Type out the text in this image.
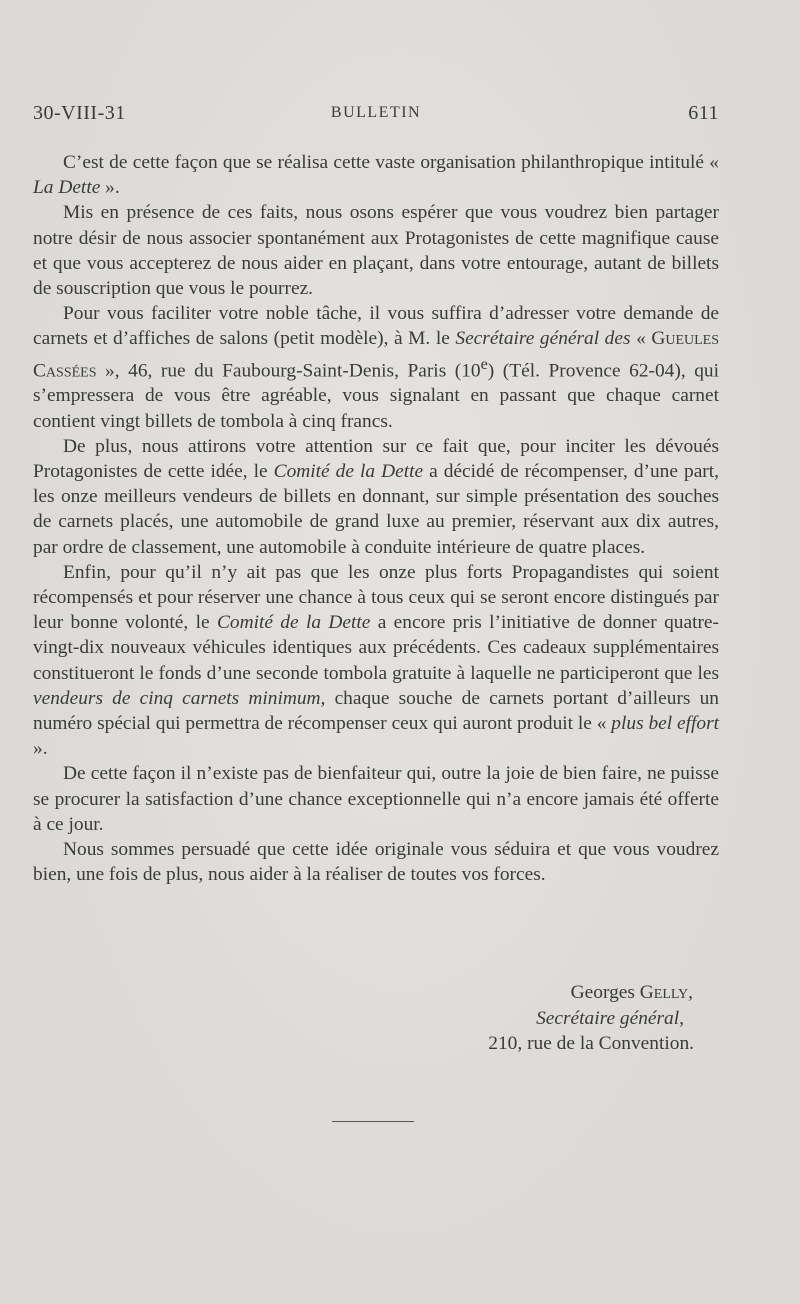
30-VIII-31	BULLETIN	611

C’est de cette façon que se réalisa cette vaste organisation philanthropique intitulé « La Dette ».

Mis en présence de ces faits, nous osons espérer que vous voudrez bien partager notre désir de nous associer spontanément aux Protagonistes de cette magnifique cause et que vous accepterez de nous aider en plaçant, dans votre entourage, autant de billets de souscription que vous le pourrez.

Pour vous faciliter votre noble tâche, il vous suffira d’adresser votre demande de carnets et d’affiches de salons (petit modèle), à M. le Secrétaire général des « Gueules Cassées », 46, rue du Faubourg-Saint-Denis, Paris (10e) (Tél. Provence 62-04), qui s’empressera de vous être agréable, vous signalant en passant que chaque carnet contient vingt billets de tombola à cinq francs.

De plus, nous attirons votre attention sur ce fait que, pour inciter les dévoués Protagonistes de cette idée, le Comité de la Dette a décidé de récompenser, d’une part, les onze meilleurs vendeurs de billets en donnant, sur simple présentation des souches de carnets placés, une automobile de grand luxe au premier, réservant aux dix autres, par ordre de classement, une automobile à conduite intérieure de quatre places.

Enfin, pour qu’il n’y ait pas que les onze plus forts Propagandistes qui soient récompensés et pour réserver une chance à tous ceux qui se seront encore distingués par leur bonne volonté, le Comité de la Dette a encore pris l’initiative de donner quatre-vingt-dix nouveaux véhicules identiques aux précédents. Ces cadeaux supplémentaires constitueront le fonds d’une seconde tombola gratuite à laquelle ne participeront que les vendeurs de cinq carnets minimum, chaque souche de carnets portant d’ailleurs un numéro spécial qui permettra de récompenser ceux qui auront produit le « plus bel effort ».

De cette façon il n’existe pas de bienfaiteur qui, outre la joie de bien faire, ne puisse se procurer la satisfaction d’une chance exceptionnelle qui n’a encore jamais été offerte à ce jour.

Nous sommes persuadé que cette idée originale vous séduira et que vous voudrez bien, une fois de plus, nous aider à la réaliser de toutes vos forces.

Georges Gelly,
Secrétaire général,
210, rue de la Convention.
